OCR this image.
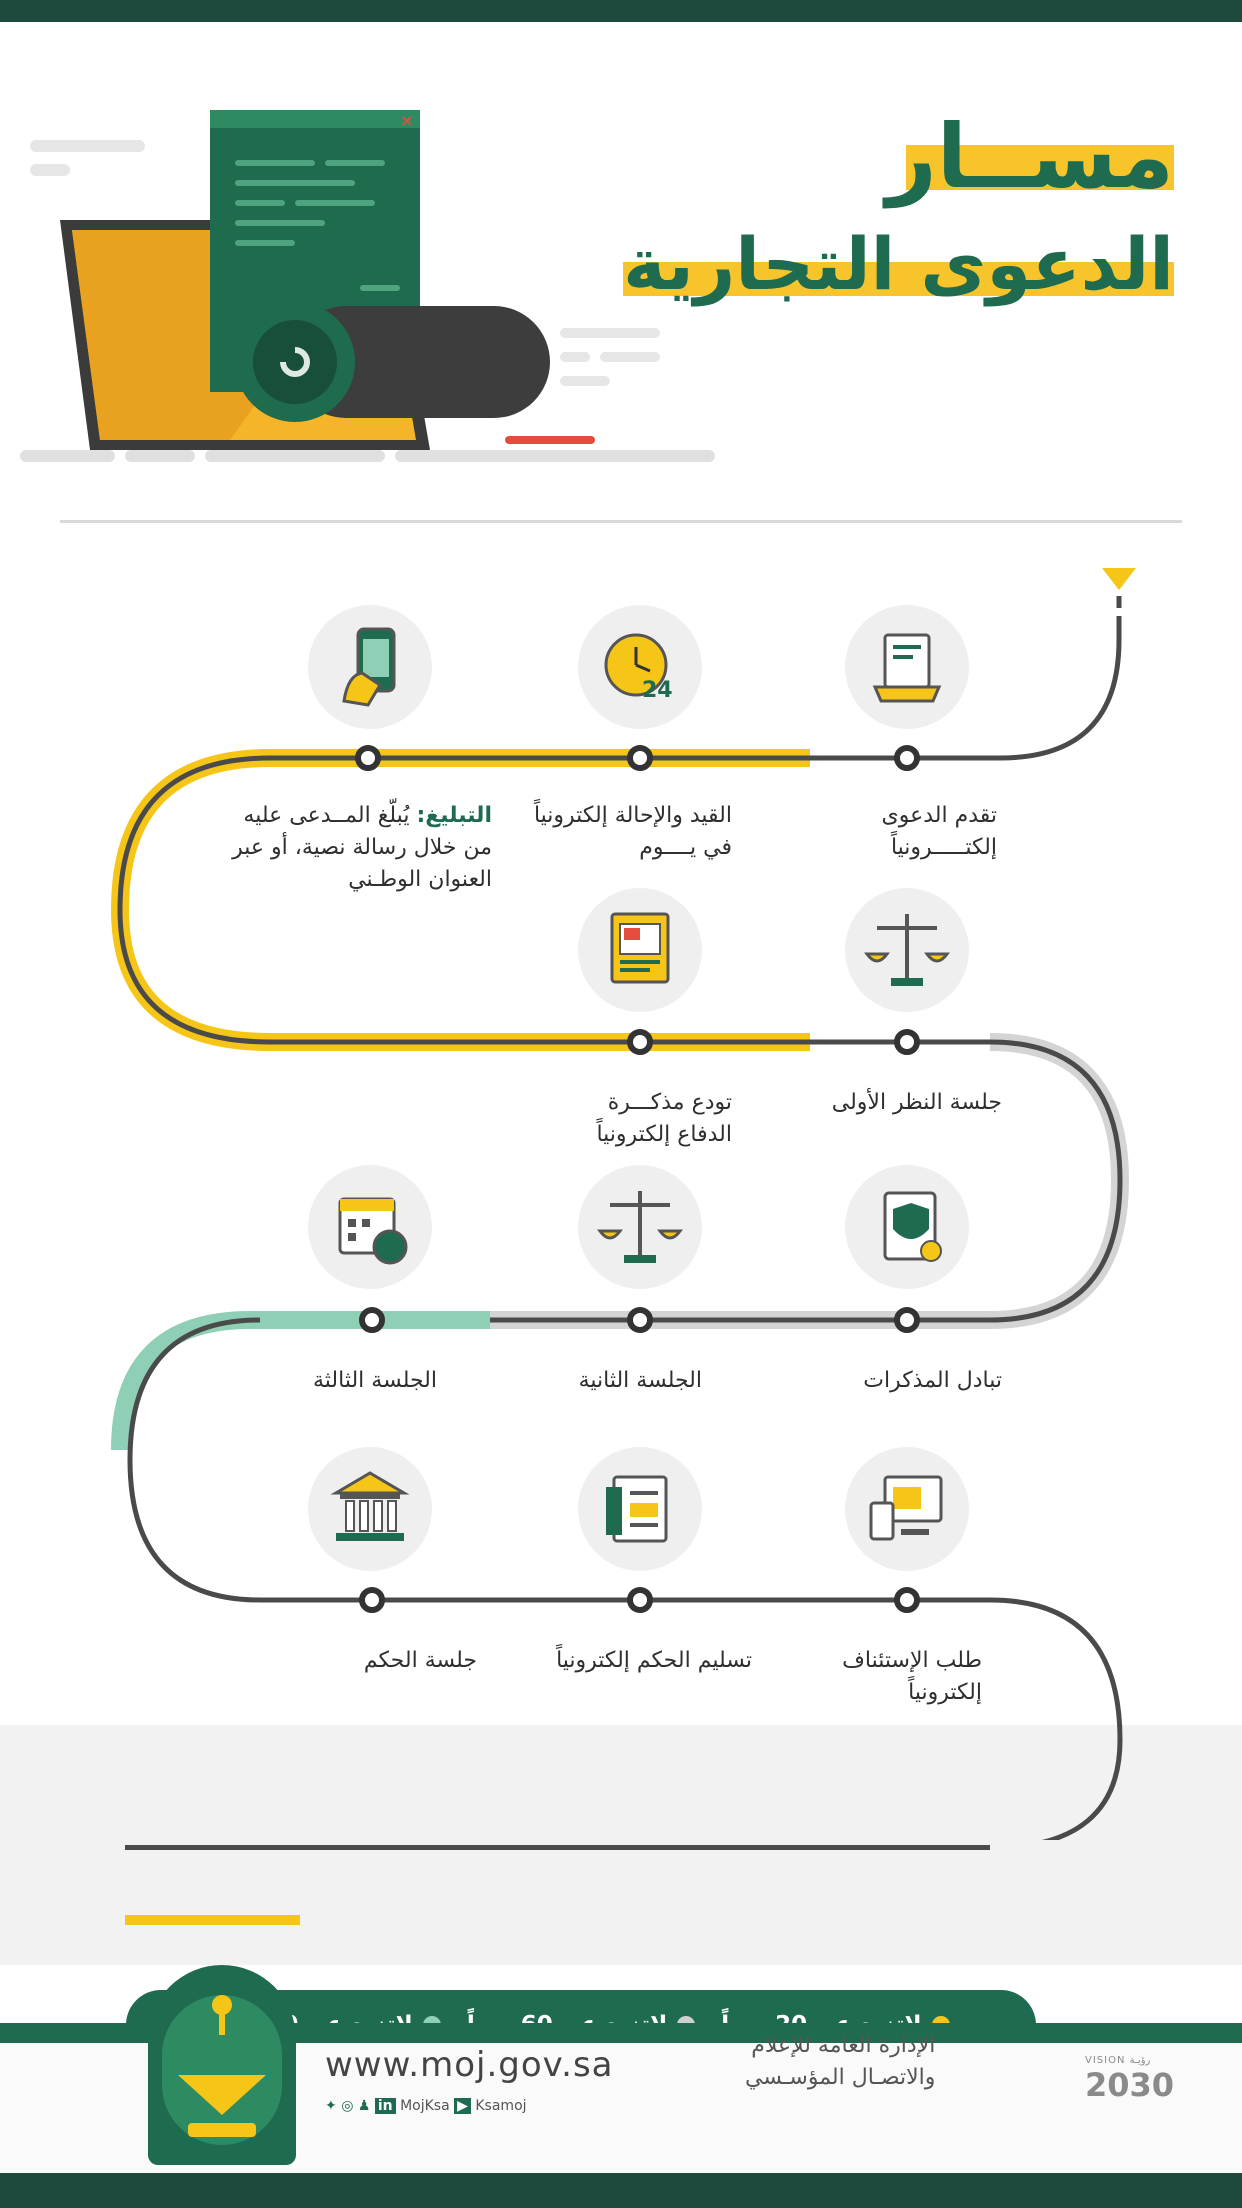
×	مســار
الدعوى التجارية
24
تقدم الدعوى
إلكتـــــرونياً
القيد والإحالة إلكترونياً
في يــــوم
التبليغ: يُبلّغ المــدعى عليه
من خلال رسالة نصية، أو عبر
العنوان الوطـني
جلسة النظر الأولى
تودع مذكـــرة
الدفاع إلكترونياً
تبادل المذكرات
الجلسة الثانية
الجلسة الثالثة
طلب الإستئناف
إلكترونياً
تسليم الحكم إلكترونياً
جلسة الحكم
www.moj.gov.sa
✦ ◎ ♟ in MojKsa ▶ Ksamoj
الإدارة العامة للإعلام
والاتصـال المؤسـسي
VISION رؤيـة
2030
